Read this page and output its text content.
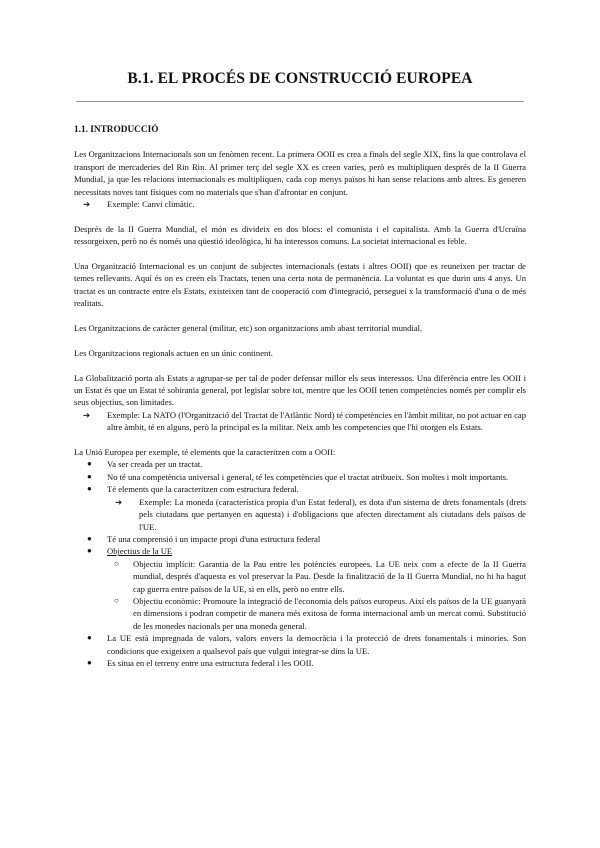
B.1. EL PROCÉS DE CONSTRUCCIÓ EUROPEA
1.1. INTRODUCCIÓ

Les Organitzacions Internacionals son un fenòmen recent. La primera OOII es crea a finals del segle XIX, fins la que controlava el transport de mercaderies del Rin Rin. Al primer terç del segle XX es creen varies, però es multipliquen després de la II Guerra Mundial, ja que les relacions internacionals es multipliquen, cada cop menys països hi han sense relacions amb altres. Es generen necessitats noves tant físiques com no materials que s'han d'afrontar en conjunt.

➔ Exemple: Canvi climàtic.

Després de la II Guerra Mundial, el món es divideix en dos blocs: el comunista i el capitalista. Amb la Guerra d'Ucraïna ressorgeixen, però no és només una qüestió ideològica, hi ha interessos comuns. La societat internacional es feble.

Una Organització Internacional es un conjunt de subjectes internacionals (estats i altres OOII) que es reuneixen per tractar de temes rellevants. Aquí és on es creen els Tractats, tenen una certa nota de permanència. La voluntat es que durin uns 4 anys. Un tractat es un contracte entre els Estats, existeixen tant de cooperació com d'integració, perseguei x la transformació d'una o de més realitats.

Les Organitzacions de caràcter general (militar, etc) son organitzacions amb abast territorial mundial.

Les Organitzacions regionals actuen en un únic continent.

La Globalització porta als Estats a agrupar-se per tal de poder defensar millor els seus interessos. Una diferència entre les OOII i un Estat és que un Estat té sobirania general, pot legislar sobre tot, mentre que les OOII tenen competències només per complir els seus objectius, son limitades.

➔ Exemple: La NATO (l'Organització del Tractat de l'Atlàntic Nord) té competències en l'àmbit militar, no pot actuar en cap altre àmbit, té en alguns, però la principal es la militar. Neix amb les competencies que l'hi otorgen els Estats.

La Unió Europea per exemple, té elements que la caracteritzen com a OOII:

● Va ser creada per un tractat.
● No té una competència universal i general, té les competències que el tractat atribueix. Son moltes i molt importants.
● Té elements que la caracteritzen com estructura federal.
➔ Exemple: La moneda (característica propia d'un Estat federal), es dota d'un sistema de drets fonamentals (drets pels ciutadans que pertanyen en aquesta) i d'obligacions que afecten directament als ciutadans dels països de l'UE.
● Té una comprensió i un impacte propi d'una estructura federal
● Objectius de la UE
○ Objectiu implícit: Garantia de la Pau entre les potències europees. La UE neix com a efecte de la II Guerra mundial, després d'aquesta es vol preservar la Pau. Desde la finalització de la II Guerra Mundial, no hi ha hagut cap guerra entre països de la UE, si en ells, però no entre ells.
○ Objectiu econòmic: Promoure la integració de l'economia dels països europeus. Així els països de la UE guanyarà en dimensions i podran competir de manera més exitosa de forma internacional amb un mercat comú. Substitució de les monedes nacionals per una moneda general.
● La UE està impregnada de valors, valors envers la democràcia i la protecció de drets fonamentals i minories. Son condicions que exigeixen a qualsevol país que vulgui integrar-se dins la UE.
● Es situa en el terreny entre una estructura federal i les OOII.
